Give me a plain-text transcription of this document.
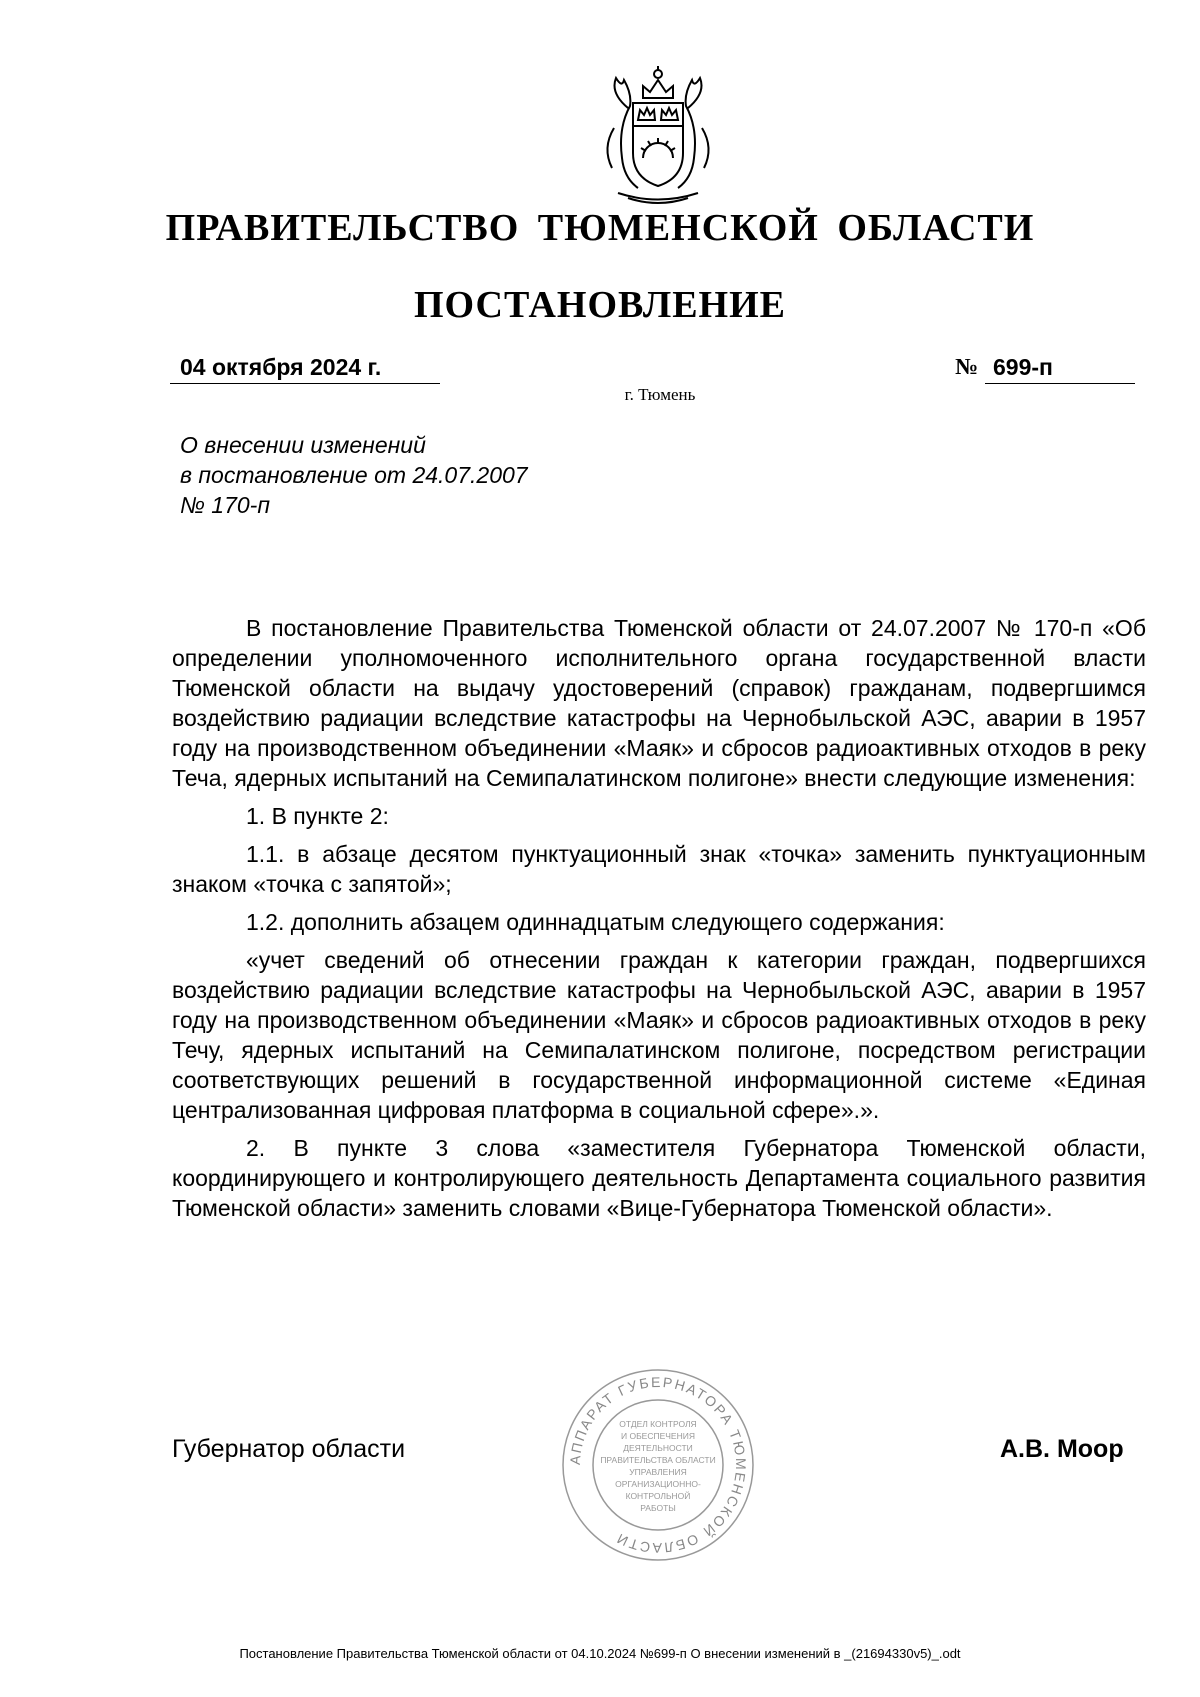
ПРАВИТЕЛЬСТВО ТЮМЕНСКОЙ ОБЛАСТИ
ПОСТАНОВЛЕНИЕ
04 октября 2024 г.	№ 699-п
г. Тюмень
О внесении изменений
в постановление от 24.07.2007
№ 170-п

В постановление Правительства Тюменской области от 24.07.2007 № 170-п «Об определении уполномоченного исполнительного органа государственной власти Тюменской области на выдачу удостоверений (справок) гражданам, подвергшимся воздействию радиации вследствие катастрофы на Чернобыльской АЭС, аварии в 1957 году на производственном объединении «Маяк» и сбросов радиоактивных отходов в реку Теча, ядерных испытаний на Семипалатинском полигоне» внести следующие изменения:

1. В пункте 2:

1.1. в абзаце десятом пунктуационный знак «точка» заменить пунктуационным знаком «точка с запятой»;

1.2. дополнить абзацем одиннадцатым следующего содержания:

«учет сведений об отнесении граждан к категории граждан, подвергшихся воздействию радиации вследствие катастрофы на Чернобыльской АЭС, аварии в 1957 году на производственном объединении «Маяк» и сбросов радиоактивных отходов в реку Течу, ядерных испытаний на Семипалатинском полигоне, посредством регистрации соответствующих решений в государственной информационной системе «Единая централизованная цифровая платформа в социальной сфере».».

2. В пункте 3 слова «заместителя Губернатора Тюменской области, координирующего и контролирующего деятельность Департамента социального развития Тюменской области» заменить словами «Вице-Губернатора Тюменской области».

Губернатор области	А.В. Моор
АППАРАТ ГУБЕРНАТОРА ТЮМЕНСКОЙ ОБЛАСТИ
ОТДЕЛ КОНТРОЛЯ
И ОБЕСПЕЧЕНИЯ
ДЕЯТЕЛЬНОСТИ
ПРАВИТЕЛЬСТВА ОБЛАСТИ
УПРАВЛЕНИЯ
ОРГАНИЗАЦИОННО-
КОНТРОЛЬНОЙ
РАБОТЫ
Постановление Правительства Тюменской области от 04.10.2024 №699-п О внесении изменений в _(21694330v5)_.odt
